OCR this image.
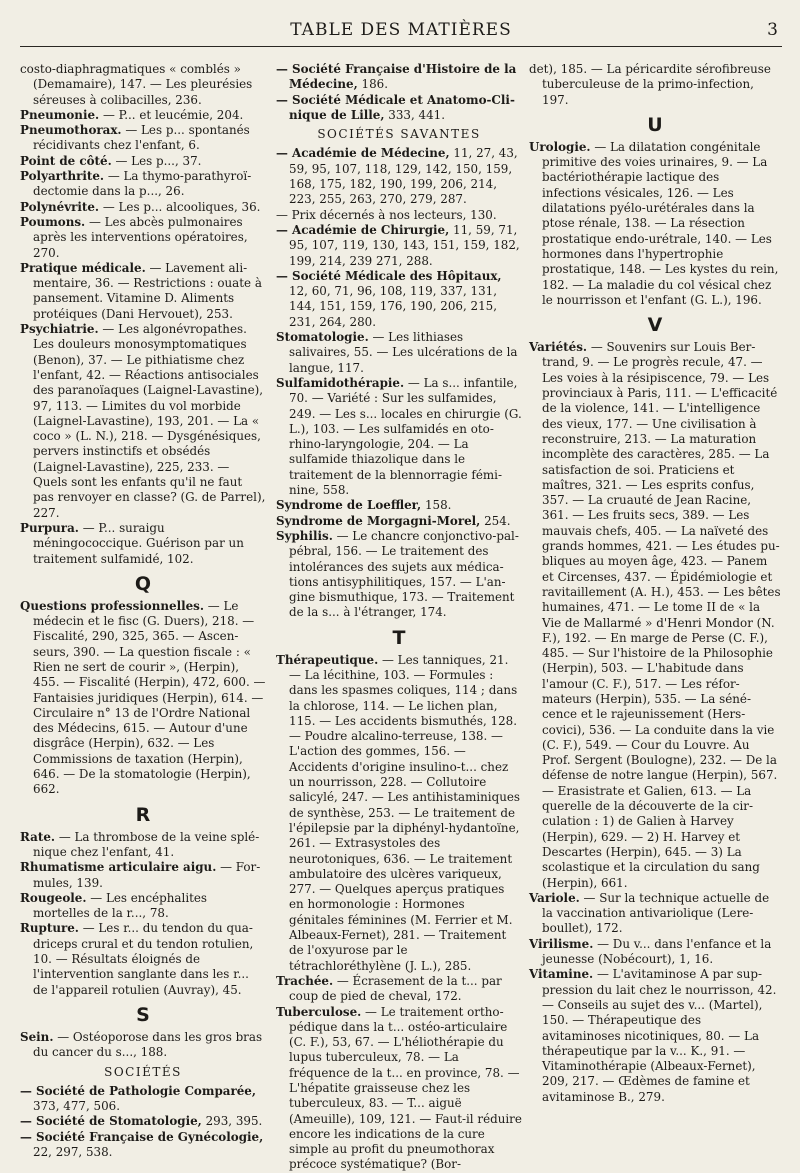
TABLE DES MATIÈRES	3
costo-diaphragmatiques « comblés » (Demamaire), 147. — Les pleurésies séreuses à colibacilles, 236.
Pneumonie. — P... et leucémie, 204.
Pneumothorax. — Les p... spontanés récidivants chez l'enfant, 6.
Point de côté. — Les p..., 37.
Polyarthrite. — La thymo-parathyroïdectomie dans la p..., 26.
Polynévrite. — Les p... alcooliques, 36.
Poumons. — Les abcès pulmonaires après les interventions opératoires, 270.
Pratique médicale. — Lavement alimentaire, 36. — Restrictions : ouate à pansement. Vitamine D. Aliments protéiques (Dani Hervouet), 253.
Psychiatrie. — Les algonévropathes. Les douleurs monosymptomatiques (Benon), 37. — Le pithiatisme chez l'enfant, 42. — Réactions antisociales des paranoïaques (Laignel-Lavastine), 97, 113. — Limites du vol morbide (Laignel-Lavastine), 193, 201. — La « coco » (L. N.), 218. — Dysgénésiques, pervers instinctifs et obsédés (Laignel-Lavastine), 225, 233. — Quels sont les enfants qu'il ne faut pas renvoyer en classe? (G. de Parrel), 227.
Purpura. — P... suraigu méningococcique. Guérison par un traitement sulfamidé, 102.
Q
Questions professionnelles. — Le médecin et le fisc (G. Duers), 218. — Fiscalité, 290, 325, 365. — Ascenseurs, 390. — La question fiscale : « Rien ne sert de courir », (Herpin), 455. — Fiscalité (Herpin), 472, 600. — Fantaisies juridiques (Herpin), 614. — Circulaire n° 13 de l'Ordre National des Médecins, 615. — Autour d'une disgrâce (Herpin), 632. — Les Commissions de taxation (Herpin), 646. — De la stomatologie (Herpin), 662.
R
Rate. — La thrombose de la veine splénique chez l'enfant, 41.
Rhumatisme articulaire aigu. — Formules, 139.
Rougeole. — Les encéphalites mortelles de la r..., 78.
Rupture. — Les r... du tendon du quadriceps crural et du tendon rotulien, 10. — Résultats éloignés de l'intervention sanglante dans les r... de l'appareil rotulien (Auvray), 45.
S
Sein. — Ostéoporose dans les gros bras du cancer du s..., 188.
SOCIÉTÉS
— Société de Pathologie Comparée, 373, 477, 506.
— Société de Stomatologie, 293, 395.
— Société Française de Gynécologie, 22, 297, 538.
— Société Française d'Histoire de la Médecine, 186.
— Société Médicale et Anatomo-Clinique de Lille, 333, 441.
SOCIÉTÉS SAVANTES
— Académie de Médecine, 11, 27, 43, 59, 95, 107, 118, 129, 142, 150, 159, 168, 175, 182, 190, 199, 206, 214, 223, 255, 263, 270, 279, 287.
— Prix décernés à nos lecteurs, 130.
— Académie de Chirurgie, 11, 59, 71, 95, 107, 119, 130, 143, 151, 159, 182, 199, 214, 239 271, 288.
— Société Médicale des Hôpitaux, 12, 60, 71, 96, 108, 119, 337, 131, 144, 151, 159, 176, 190, 206, 215, 231, 264, 280.
Stomatologie. — Les lithiases salivaires, 55. — Les ulcérations de la langue, 117.
Sulfamidothérapie. — La s... infantile, 70. — Variété : Sur les sulfamides, 249. — Les s... locales en chirurgie (G. L.), 103. — Les sulfamidés en oto-rhino-laryngologie, 204. — La sulfamide thiazolique dans le traitement de la blennorragie féminine, 558.
Syndrome de Loeffler, 158.
Syndrome de Morgagni-Morel, 254.
Syphilis. — Le chancre conjonctivo-palpébral, 156. — Le traitement des intolérances des sujets aux médications antisyphilitiques, 157. — L'angine bismuthique, 173. — Traitement de la s... à l'étranger, 174.
T
Thérapeutique. — Les tanniques, 21. — La lécithine, 103. — Formules : dans les spasmes coliques, 114 ; dans la chlorose, 114. — Le lichen plan, 115. — Les accidents bismuthés, 128. — Poudre alcalino-terreuse, 138. — L'action des gommes, 156. — Accidents d'origine insulino-t... chez un nourrisson, 228. — Collutoire salicylé, 247. — Les antihistaminiques de synthèse, 253. — Le traitement de l'épilepsie par la diphényl-hydantoïne, 261. — Extrasystoles des neurotoniques, 636. — Le traitement ambulatoire des ulcères variqueux, 277. — Quelques aperçus pratiques en hormonologie : Hormones génitales féminines (M. Ferrier et M. Albeaux-Fernet), 281. — Traitement de l'oxyurose par le tétrachloréthylène (J. L.), 285.
Trachée. — Écrasement de la t... par coup de pied de cheval, 172.
Tuberculose. — Le traitement orthopédique dans la t... ostéo-articulaire (C. F.), 53, 67. — L'héliothérapie du lupus tuberculeux, 78. — La fréquence de la t... en province, 78. — L'hépatite graisseuse chez les tuberculeux, 83. — T... aiguë (Ameuille), 109, 121. — Faut-il réduire encore les indications de la cure simple au profit du pneumothorax précoce systématique? (Bor-
det), 185. — La péricardite sérofibreuse tuberculeuse de la primo-infection, 197.
U
Urologie. — La dilatation congénitale primitive des voies urinaires, 9. — La bactériothérapie lactique des infections vésicales, 126. — Les dilatations pyélo-urétérales dans la ptose rénale, 138. — La résection prostatique endo-urétrale, 140. — Les hormones dans l'hypertrophie prostatique, 148. — Les kystes du rein, 182. — La maladie du col vésical chez le nourrisson et l'enfant (G. L.), 196.
V
Variétés. — Souvenirs sur Louis Bertrand, 9. — Le progrès recule, 47. — Les voies à la résipiscence, 79. — Les provinciaux à Paris, 111. — L'efficacité de la violence, 141. — L'intelligence des vieux, 177. — Une civilisation à reconstruire, 213. — La maturation incomplète des caractères, 285. — La satisfaction de soi. Praticiens et maîtres, 321. — Les esprits confus, 357. — La cruauté de Jean Racine, 361. — Les fruits secs, 389. — Les mauvais chefs, 405. — La naïveté des grands hommes, 421. — Les études publiques au moyen âge, 423. — Panem et Circenses, 437. — Épidémiologie et ravitaillement (A. H.), 453. — Les bêtes humaines, 471. — Le tome II de « la Vie de Mallarmé » d'Henri Mondor (N. F.), 192. — En marge de Perse (C. F.), 485. — Sur l'histoire de la Philosophie (Herpin), 503. — L'habitude dans l'amour (C. F.), 517. — Les réformateurs (Herpin), 535. — La sénécence et le rajeunissement (Herscovici), 536. — La conduite dans la vie (C. F.), 549. — Cour du Louvre. Au Prof. Sergent (Boulogne), 232. — De la défense de notre langue (Herpin), 567. — Erasistrate et Galien, 613. — La querelle de la découverte de la circulation : 1) de Galien à Harvey (Herpin), 629. — 2) H. Harvey et Descartes (Herpin), 645. — 3) La scolastique et la circulation du sang (Herpin), 661.
Variole. — Sur la technique actuelle de la vaccination antivariolique (Lereboullet), 172.
Virilisme. — Du v... dans l'enfance et la jeunesse (Nobécourt), 1, 16.
Vitamine. — L'avitaminose A par suppression du lait chez le nourrisson, 42. — Conseils au sujet des v... (Martel), 150. — Thérapeutique des avitaminoses nicotiniques, 80. — La thérapeutique par la v... K., 91. — Vitaminothérapie (Albeaux-Fernet), 209, 217. — Œdèmes de famine et avitaminose B., 279.
